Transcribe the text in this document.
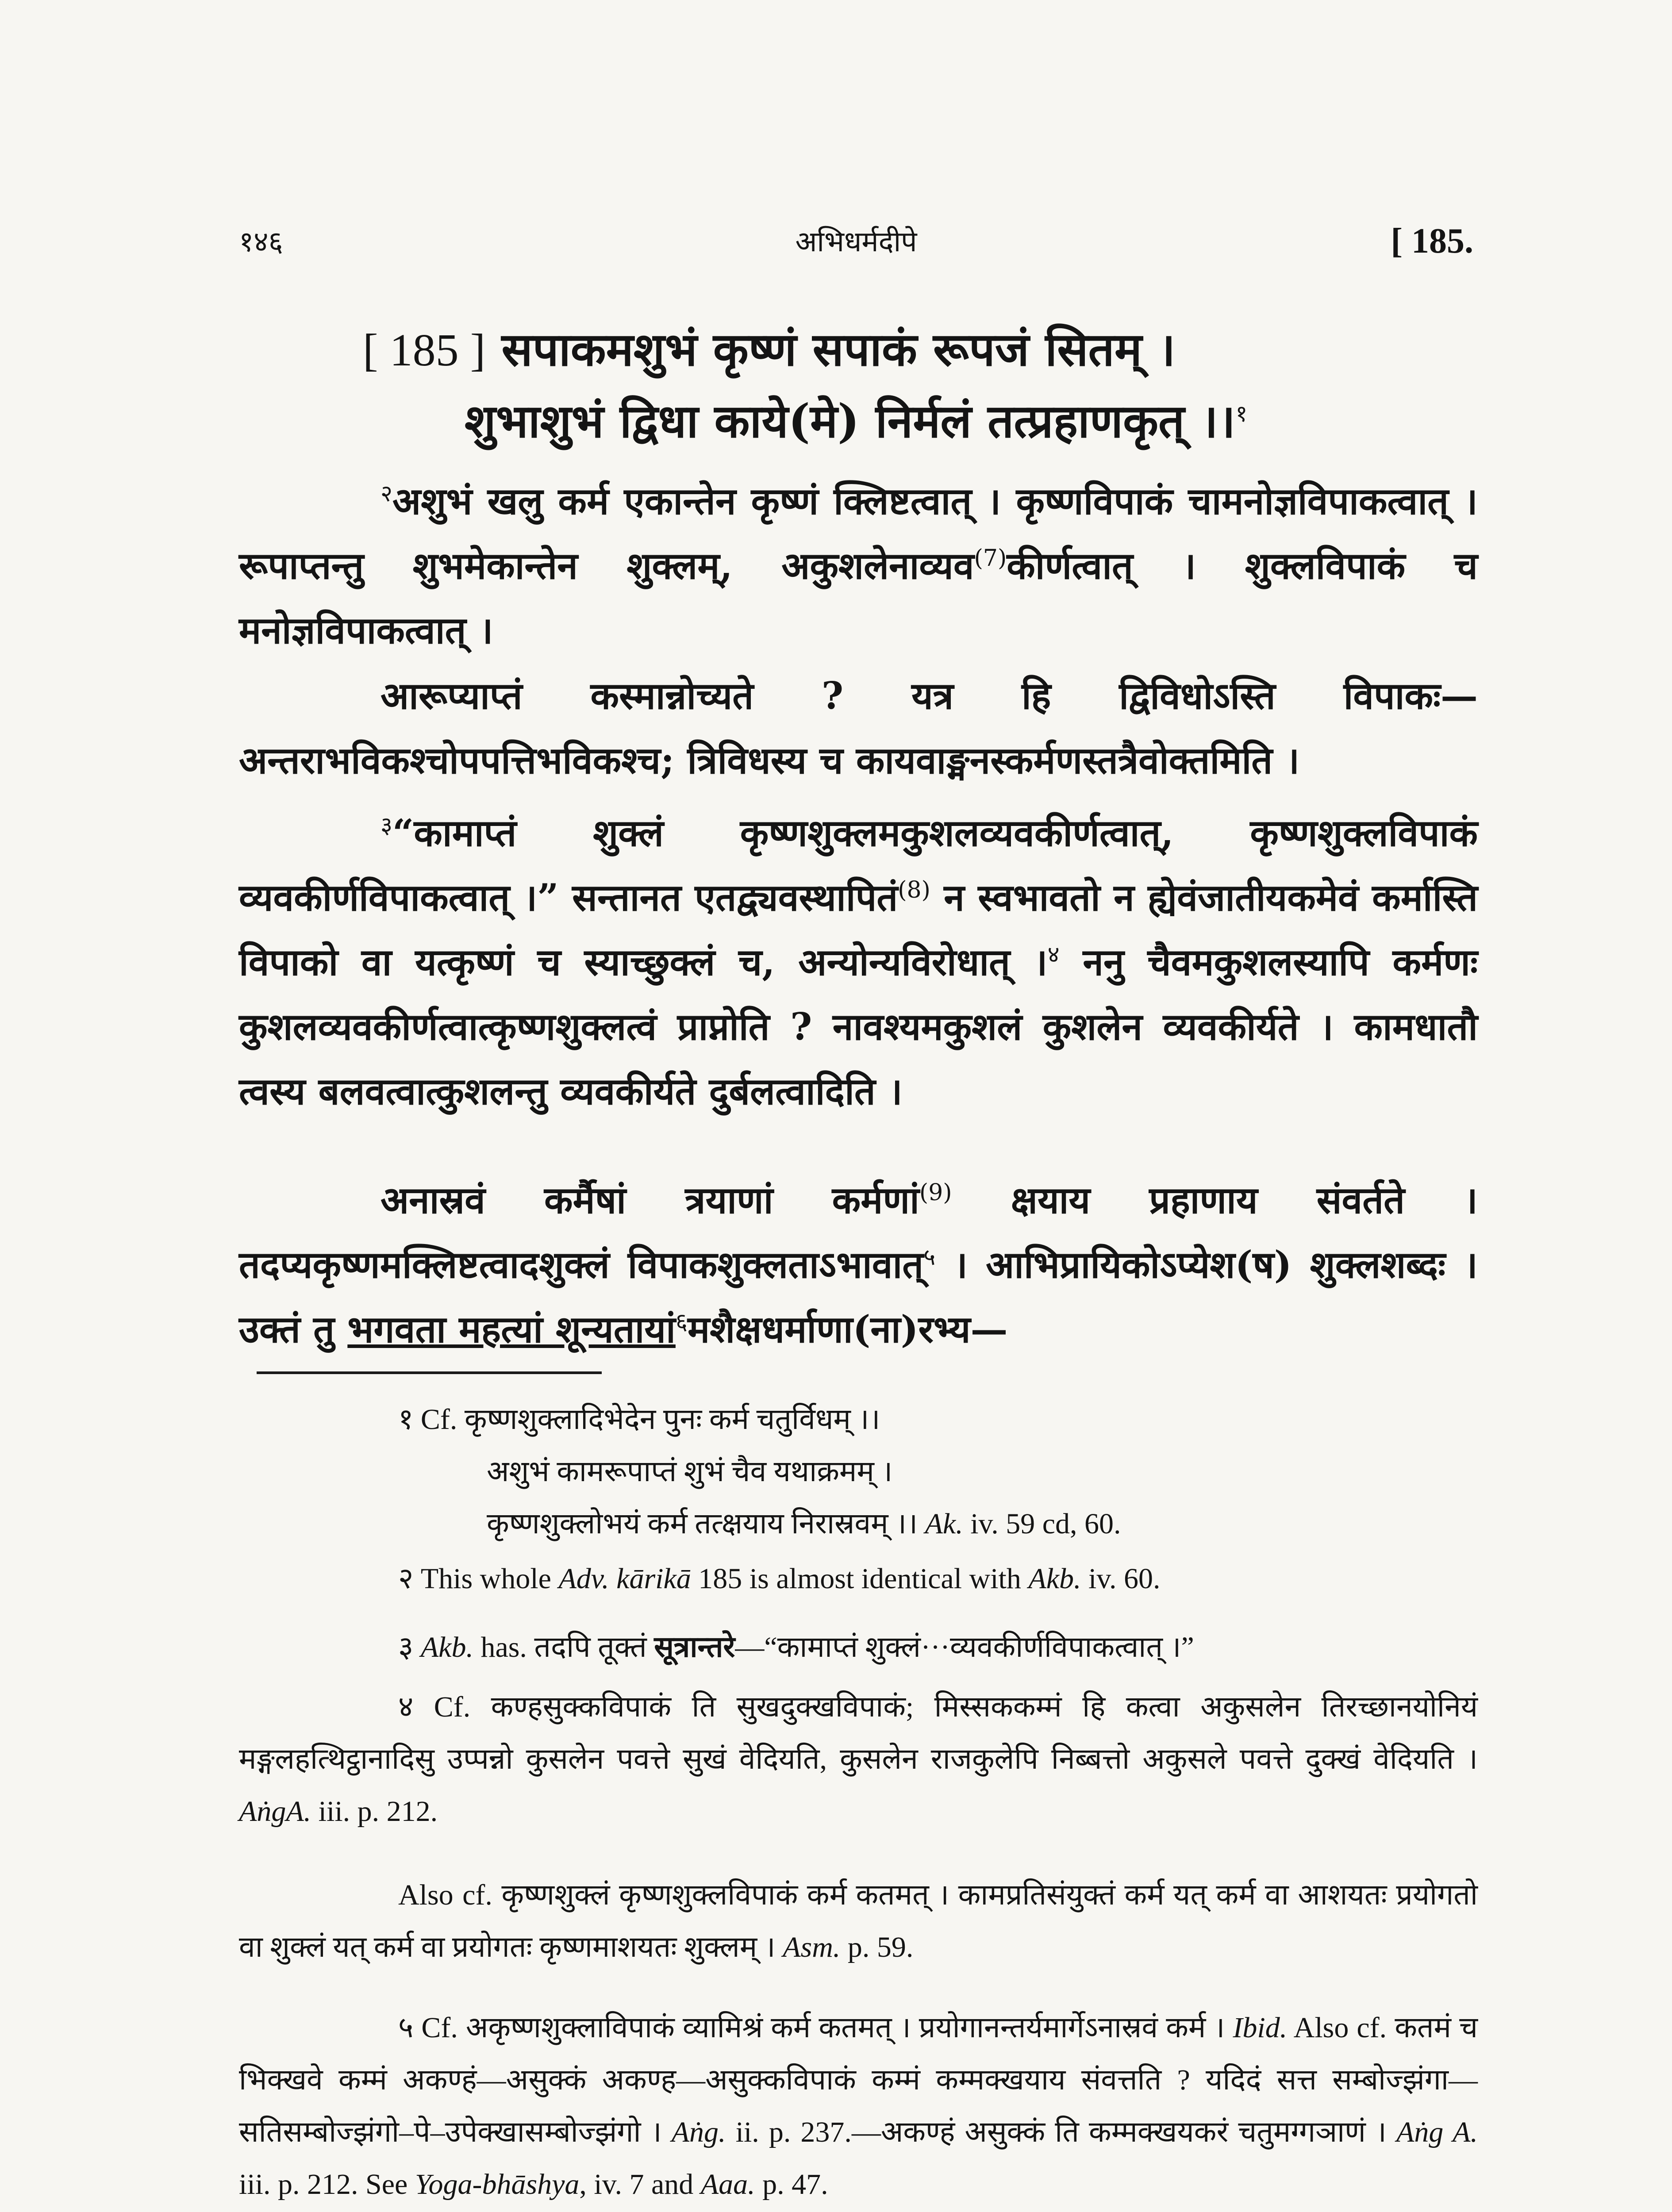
१४६	अभिधर्मदीपे	[ 185.
[ 185 ] सपाकमशुभं कृष्णं सपाकं रूपजं सितम् ।
शुभाशुभं द्विधा काये(मे) निर्मलं तत्प्रहाणकृत् ।।$^१$
$^२$अशुभं खलु कर्म एकान्तेन कृष्णं क्लिष्टत्वात् । कृष्णविपाकं चामनोज्ञविपाकत्वात् । रूपाप्तन्तु शुभमेकान्तेन शुक्लम्, अकुशलेनाव्यव$^{(7)}$कीर्णत्वात् । शुक्लविपाकं च मनोज्ञविपाकत्वात् ।
आरूप्याप्तं कस्मान्नोच्यते ? यत्र हि द्विविधोऽस्ति विपाकः—अन्तराभविकश्चोपपत्तिभविकश्च; त्रिविधस्य च कायवाङ्मनस्कर्मणस्तत्रैवोक्तमिति ।
$^३$“कामाप्तं शुक्लं कृष्णशुक्लमकुशलव्यवकीर्णत्वात्, कृष्णशुक्लविपाकं व्यवकीर्णविपाकत्वात् ।” सन्तानत एतद्व्यवस्थापितं$^{(8)}$ न स्वभावतो न ह्येवंजातीयकमेवं कर्मास्ति विपाको वा यत्कृष्णं च स्याच्छुक्लं च, अन्योन्यविरोधात् ।$^४$ ननु चैवमकुशलस्यापि कर्मणः कुशलव्यवकीर्णत्वात्कृष्णशुक्लत्वं प्राप्नोति ? नावश्यमकुशलं कुशलेन व्यवकीर्यते । कामधातौ त्वस्य बलवत्वात्कुशलन्तु व्यवकीर्यते दुर्बलत्वादिति ।
अनास्रवं कर्मैषां त्रयाणां कर्मणां$^{(9)}$ क्षयाय प्रहाणाय संवर्तते । तदप्यकृष्णमक्लिष्टत्वादशुक्लं विपाकशुक्लताऽभावात्$^५$ । आभिप्रायिकोऽप्येश(ष) शुक्लशब्दः । उक्तं तु भगवता महत्यां शून्यतायां$^६$मशैक्षधर्माणा(ना)रभ्य—
१ Cf. कृष्णशुक्लादिभेदेन पुनः कर्म चतुर्विधम् ।।
अशुभं कामरूपाप्तं शुभं चैव यथाक्रमम् ।
कृष्णशुक्लोभयं कर्म तत्क्षयाय निरास्रवम् ।। Ak. iv. 59 cd, 60.
२ This whole Adv. kārikā 185 is almost identical with Akb. iv. 60.
३ Akb. has. तदपि तूक्तं सूत्रान्तरे—“कामाप्तं शुक्लं···व्यवकीर्णविपाकत्वात् ।”
४ Cf. कण्हसुक्कविपाकं ति सुखदुक्खविपाकं; मिस्सककम्मं हि कत्वा अकुसलेन तिरच्छानयोनियं मङ्गलहत्थिट्ठानादिसु उप्पन्नो कुसलेन पवत्ते सुखं वेदियति, कुसलेन राजकुलेपि निब्बत्तो अकुसले पवत्ते दुक्खं वेदियति । AṅgA. iii. p. 212.
Also cf. कृष्णशुक्लं कृष्णशुक्लविपाकं कर्म कतमत् । कामप्रतिसंयुक्तं कर्म यत् कर्म वा आशयतः प्रयोगतो वा शुक्लं यत् कर्म वा प्रयोगतः कृष्णमाशयतः शुक्लम् । Asm. p. 59.
५ Cf. अकृष्णशुक्लाविपाकं व्यामिश्रं कर्म कतमत् । प्रयोगानन्तर्यमार्गेऽनास्रवं कर्म । Ibid. Also cf. कतमं च भिक्खवे कम्मं अकण्हं—असुक्कं अकण्ह—असुक्कविपाकं कम्मं कम्मक्खयाय संवत्तति ? यदिदं सत्त सम्बोज्झंगा—सतिसम्बोज्झंगो–पे–उपेक्खासम्बोज्झंगो । Aṅg. ii. p. 237.—अकण्हं असुक्कं ति कम्मक्खयकरं चतुमग्गञाणं । Aṅg A. iii. p. 212. See Yoga-bhāshya, iv. 7 and Aaa. p. 47.
